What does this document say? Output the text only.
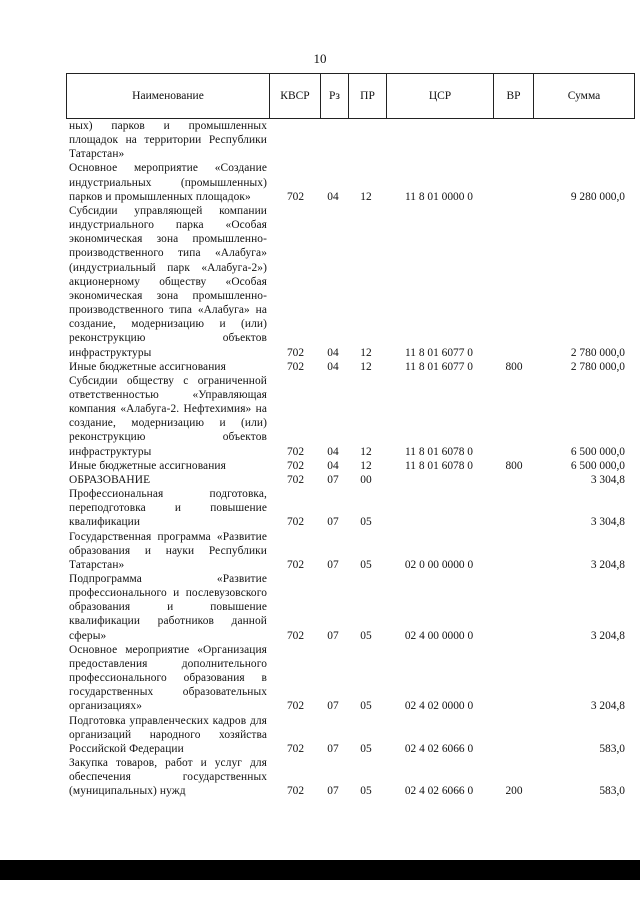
10
Наименование	КВСР	Рз	ПР	ЦСР	ВР	Сумма
ных) парков и промышленных площадок на территории Республики Татарстан»						
Основное мероприятие «Создание индустриальных (промышленных) парков и промышленных площадок»	702	04	12	11 8 01 0000 0		9 280 000,0
Субсидии управляющей компании индустриального парка «Особая экономическая зона промышленно-производственного типа «Алабуга» (индустриальный парк «Алабуга-2») акционерному обществу «Особая экономическая зона промышленно-производственного типа «Алабуга» на создание, модернизацию и (или) реконструкцию объектов инфраструктуры	702	04	12	11 8 01 6077 0		2 780 000,0
Иные бюджетные ассигнования	702	04	12	11 8 01 6077 0	800	2 780 000,0
Субсидии обществу с ограниченной ответственностью «Управляющая компания «Алабуга-2. Нефтехимия» на создание, модернизацию и (или) реконструкцию объектов инфраструктуры	702	04	12	11 8 01 6078 0		6 500 000,0
Иные бюджетные ассигнования	702	04	12	11 8 01 6078 0	800	6 500 000,0
ОБРАЗОВАНИЕ	702	07	00			3 304,8
Профессиональная подготовка, переподготовка и повышение квалификации	702	07	05			3 304,8
Государственная программа «Развитие образования и науки Республики Татарстан»	702	07	05	02 0 00 0000 0		3 204,8
Подпрограмма «Развитие профессионального и послевузовского образования и повышение квалификации работников данной сферы»	702	07	05	02 4 00 0000 0		3 204,8
Основное мероприятие «Организация предоставления дополнительного профессионального образования в государственных образовательных организациях»	702	07	05	02 4 02 0000 0		3 204,8
Подготовка управленческих кадров для организаций народного хозяйства Российской Федерации	702	07	05	02 4 02 6066 0		583,0
Закупка товаров, работ и услуг для обеспечения государственных (муниципальных) нужд	702	07	05	02 4 02 6066 0	200	583,0
